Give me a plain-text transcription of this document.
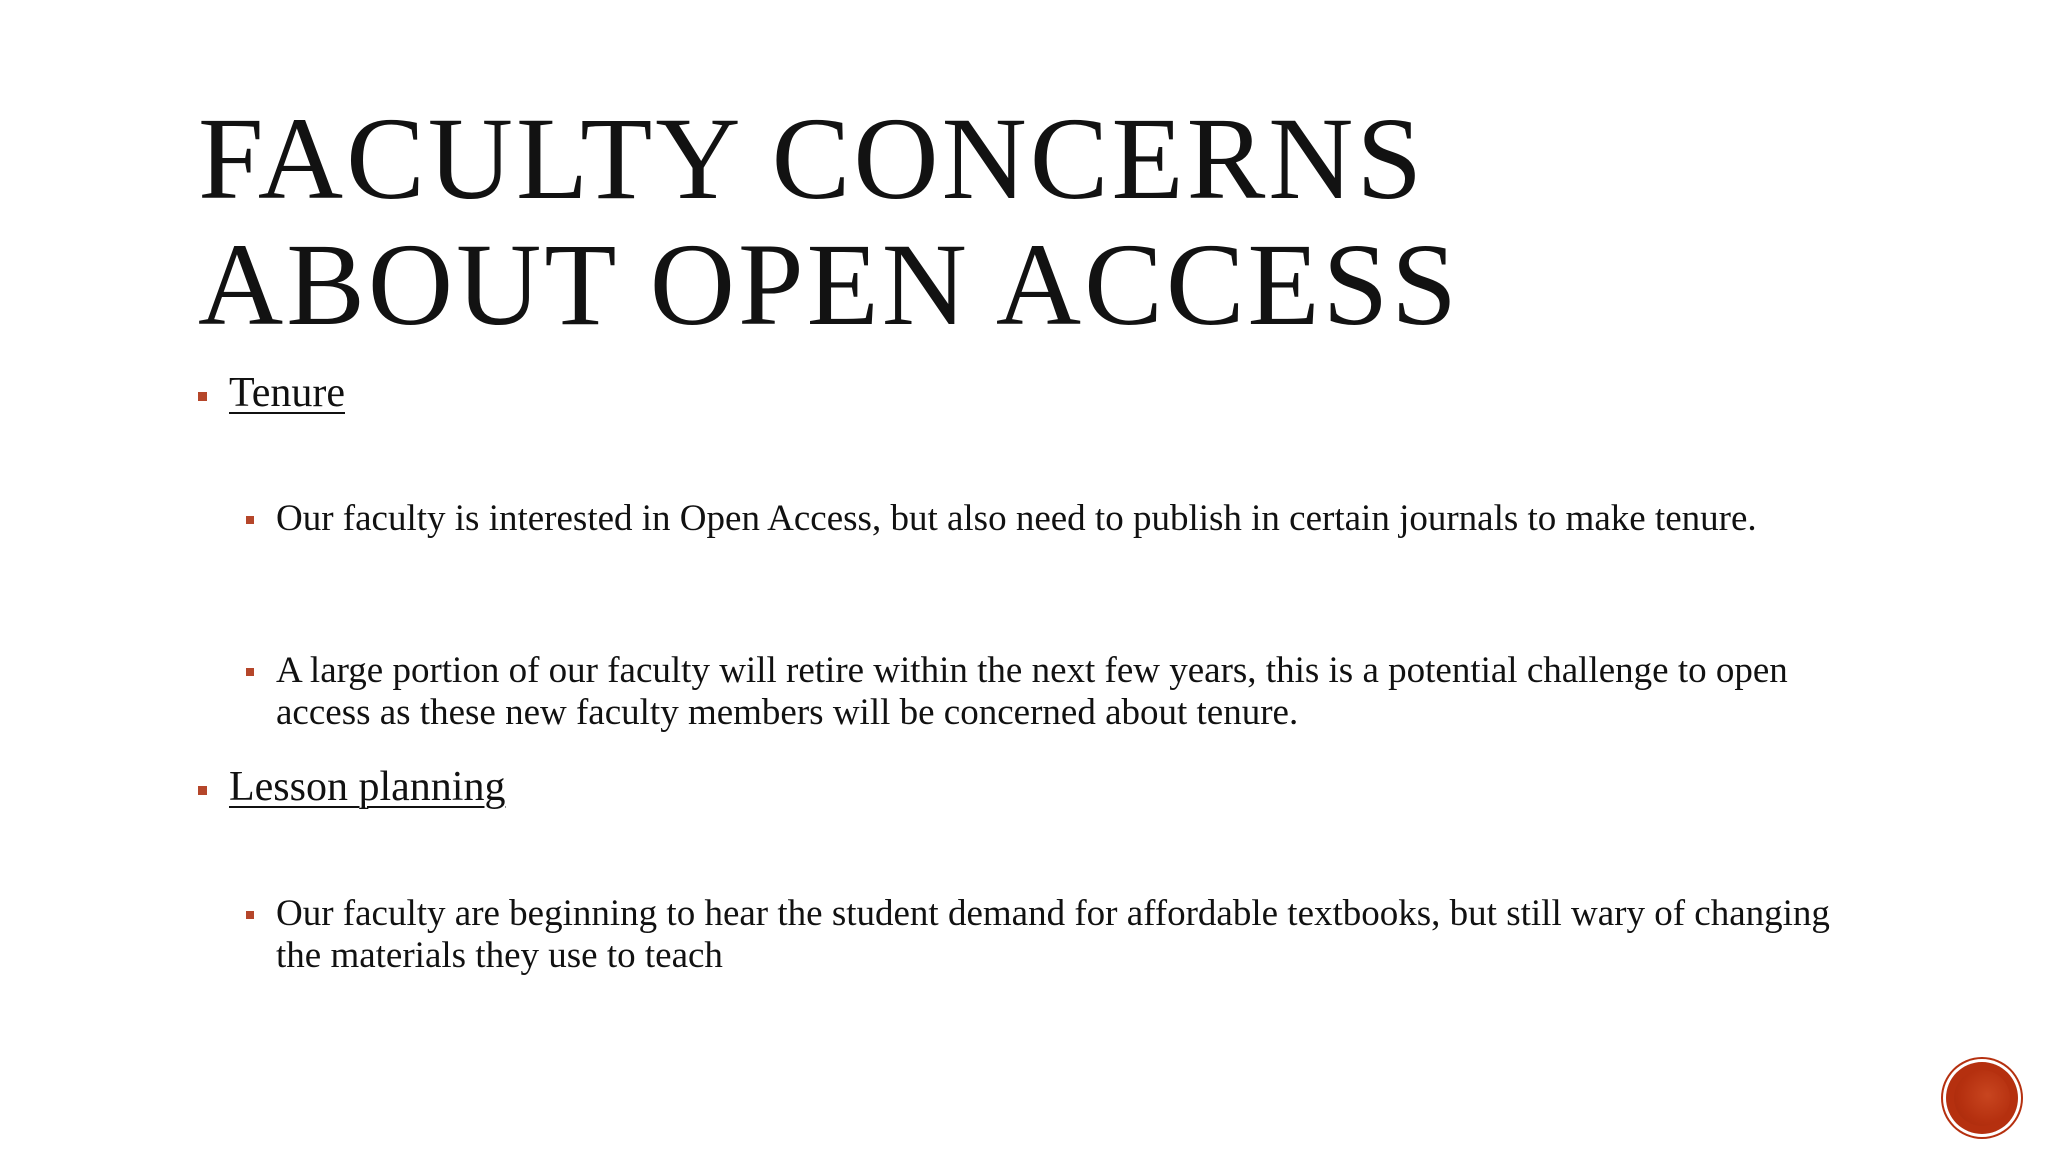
FACULTY CONCERNS
ABOUT OPEN ACCESS
Tenure
Our faculty is interested in Open Access, but also need to publish in certain journals to make tenure.
A large portion of our faculty will retire within the next few years, this is a potential challenge to open access as these new faculty members will be concerned about tenure.
Lesson planning
Our faculty are beginning to hear the student demand for affordable textbooks, but still wary of changing the materials they use to teach
